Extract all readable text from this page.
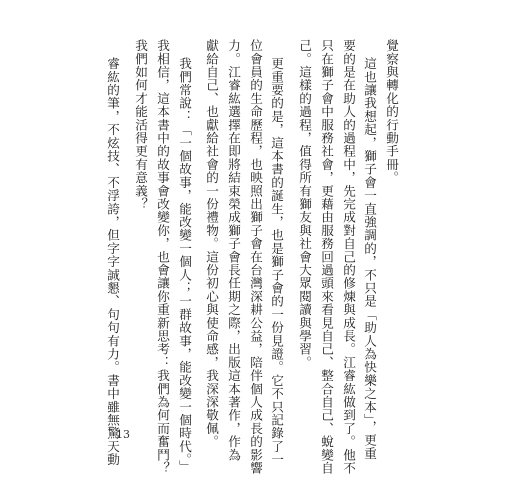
覺察與轉化的行動手冊。
這也讓我想起，獅子會一直強調的，不只是「助人為快樂之本」，更重
要的是在助人的過程中，先完成對自己的修煉與成長。江睿紘做到了。他不
只在獅子會中服務社會，更藉由服務回過頭來看見自己、整合自己、蛻變自
己。這樣的過程，值得所有獅友與社會大眾閱讀與學習。
更重要的是，這本書的誕生，也是獅子會的一份見證。它不只記錄了一
位會員的生命歷程，也映照出獅子會在台灣深耕公益，陪伴個人成長的影響
力。江睿紘選擇在即將結束榮成獅子會長任期之際，出版這本著作，作為
獻給自己、也獻給社會的一份禮物。這份初心與使命感，我深深敬佩。
我們常說：「一個故事，能改變一個人；一群故事，能改變一個時代。」
我相信，這本書中的故事會改變你，也會讓你重新思考：我們為何而奮鬥？
我們如何才能活得更有意義？
睿紘的筆，不炫技、不浮誇，但字字誠懇、句句有力。書中雖無驚天動
13
